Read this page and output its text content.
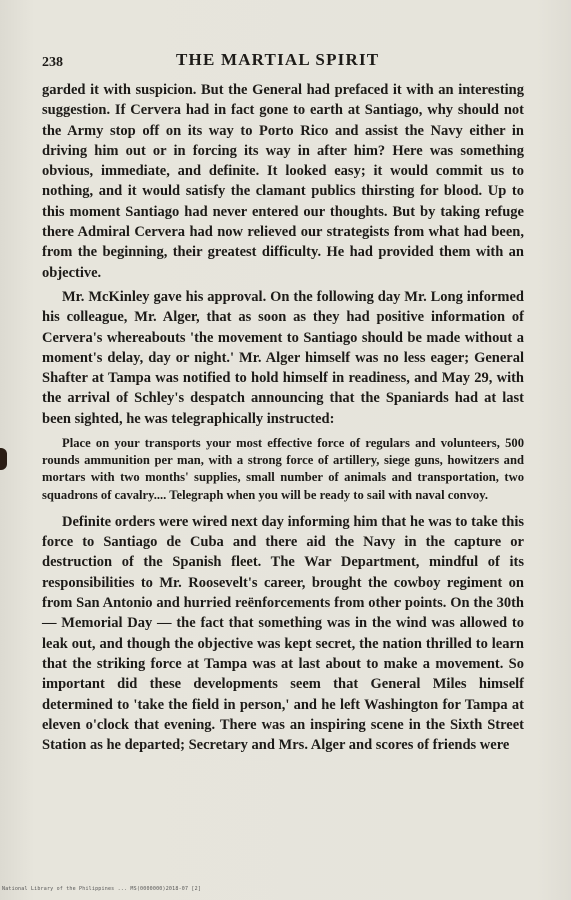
238	THE MARTIAL SPIRIT

garded it with suspicion. But the General had prefaced it with an interesting suggestion. If Cervera had in fact gone to earth at Santiago, why should not the Army stop off on its way to Porto Rico and assist the Navy either in driving him out or in forcing its way in after him? Here was something obvious, immediate, and definite. It looked easy; it would commit us to nothing, and it would satisfy the clamant publics thirsting for blood. Up to this moment Santiago had never entered our thoughts. But by taking refuge there Admiral Cervera had now relieved our strategists from what had been, from the beginning, their greatest difficulty. He had provided them with an objective.

Mr. McKinley gave his approval. On the following day Mr. Long informed his colleague, Mr. Alger, that as soon as they had positive information of Cervera's whereabouts 'the movement to Santiago should be made without a moment's delay, day or night.' Mr. Alger himself was no less eager; General Shafter at Tampa was notified to hold himself in readiness, and May 29, with the arrival of Schley's despatch announcing that the Spaniards had at last been sighted, he was telegraphically instructed:

Place on your transports your most effective force of regulars and volunteers, 500 rounds ammunition per man, with a strong force of artillery, siege guns, howitzers and mortars with two months' supplies, small number of animals and transportation, two squadrons of cavalry.... Telegraph when you will be ready to sail with naval convoy.

Definite orders were wired next day informing him that he was to take this force to Santiago de Cuba and there aid the Navy in the capture or destruction of the Spanish fleet. The War Department, mindful of its responsibilities to Mr. Roosevelt's career, brought the cowboy regiment on from San Antonio and hurried reënforcements from other points. On the 30th — Memorial Day — the fact that something was in the wind was allowed to leak out, and though the objective was kept secret, the nation thrilled to learn that the striking force at Tampa was at last about to make a movement. So important did these developments seem that General Miles himself determined to 'take the field in person,' and he left Washington for Tampa at eleven o'clock that evening. There was an inspiring scene in the Sixth Street Station as he departed; Secretary and Mrs. Alger and scores of friends were

National Library of the Philippines ... MS(0000000)2018-07 [2]
